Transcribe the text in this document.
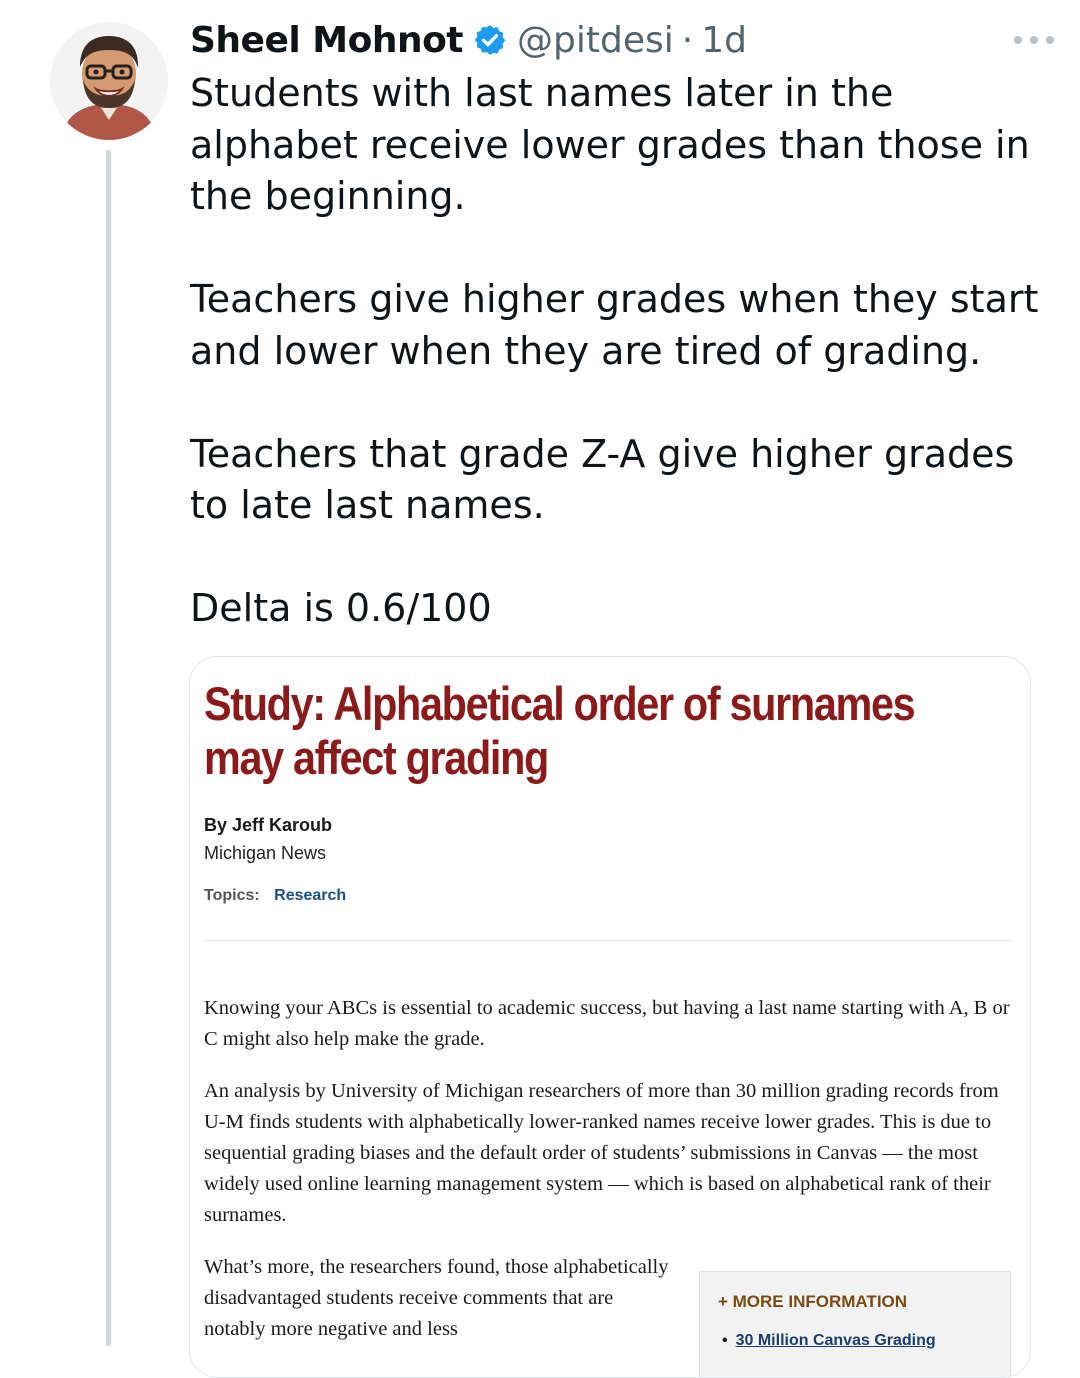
Sheel Mohnot @pitdesi · 1d

Students with last names later in the alphabet receive lower grades than those in the beginning.

Teachers give higher grades when they start and lower when they are tired of grading.

Teachers that grade Z-A give higher grades to late last names.

Delta is 0.6/100

Study: Alphabetical order of surnames may affect grading
By Jeff Karoub
Michigan News
Topics: Research
Knowing your ABCs is essential to academic success, but having a last name starting with A, B or C might also help make the grade.
An analysis by University of Michigan researchers of more than 30 million grading records from U-M finds students with alphabetically lower-ranked names receive lower grades. This is due to sequential grading biases and the default order of students’ submissions in Canvas — the most widely used online learning management system — which is based on alphabetical rank of their surnames.
What’s more, the researchers found, those alphabetically disadvantaged students receive comments that are notably more negative and less
+ MORE INFORMATION
• 30 Million Canvas Grading
